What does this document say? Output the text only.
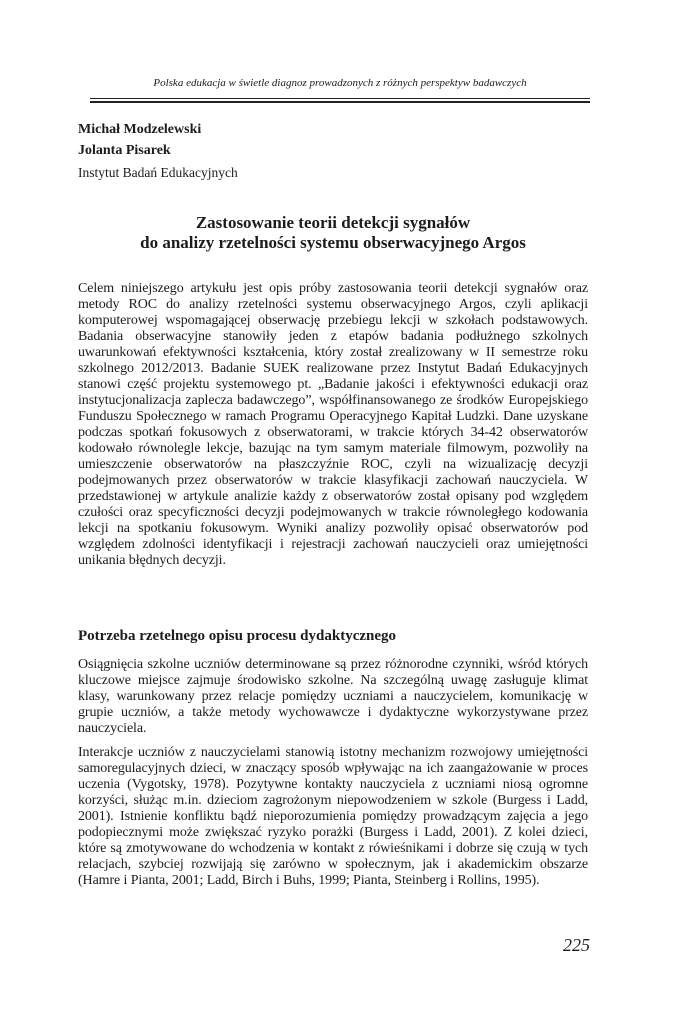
Polska edukacja w świetle diagnoz prowadzonych z różnych perspektyw badawczych
Michał Modzelewski
Jolanta Pisarek
Instytut Badań Edukacyjnych
Zastosowanie teorii detekcji sygnałów
do analizy rzetelności systemu obserwacyjnego Argos
Celem niniejszego artykułu jest opis próby zastosowania teorii detekcji sygnałów oraz metody ROC do analizy rzetelności systemu obserwacyjnego Argos, czyli aplikacji komputerowej wspomagającej obserwację przebiegu lekcji w szkołach podstawowych. Badania obserwacyjne stanowiły jeden z etapów badania podłużnego szkolnych uwarunkowań efektywności kształcenia, który został zrealizowany w II semestrze roku szkolnego 2012/2013. Badanie SUEK realizowane przez Instytut Badań Edukacyjnych stanowi część projektu systemowego pt. „Badanie jakości i efektywności edukacji oraz instytucjonalizacja zaplecza badawczego”, współfinansowanego ze środków Europejskiego Funduszu Społecznego w ramach Programu Operacyjnego Kapitał Ludzki. Dane uzyskane podczas spotkań fokusowych z obserwatorami, w trakcie których 34-42 obserwatorów kodowało równolegle lekcje, bazując na tym samym materiale filmowym, pozwoliły na umieszczenie obserwatorów na płaszczyźnie ROC, czyli na wizualizację decyzji podejmowanych przez obserwatorów w trakcie klasyfikacji zachowań nauczyciela. W przedstawionej w artykule analizie każdy z obserwatorów został opisany pod względem czułości oraz specyficzności decyzji podejmowanych w trakcie równoległego kodowania lekcji na spotkaniu fokusowym. Wyniki analizy pozwoliły opisać obserwatorów pod względem zdolności identyfikacji i rejestracji zachowań nauczycieli oraz umiejętności unikania błędnych decyzji.
Potrzeba rzetelnego opisu procesu dydaktycznego
Osiągnięcia szkolne uczniów determinowane są przez różnorodne czynniki, wśród których kluczowe miejsce zajmuje środowisko szkolne. Na szczególną uwagę zasługuje klimat klasy, warunkowany przez relacje pomiędzy uczniami a nauczycielem, komunikację w grupie uczniów, a także metody wychowawcze i dydaktyczne wykorzystywane przez nauczyciela.
Interakcje uczniów z nauczycielami stanowią istotny mechanizm rozwojowy umiejętności samoregulacyjnych dzieci, w znaczący sposób wpływając na ich zaangażowanie w proces uczenia (Vygotsky, 1978). Pozytywne kontakty nauczyciela z uczniami niosą ogromne korzyści, służąc m.in. dzieciom zagrożonym niepowodzeniem w szkole (Burgess i Ladd, 2001). Istnienie konfliktu bądź nieporozumienia pomiędzy prowadzącym zajęcia a jego podopiecznymi może zwiększać ryzyko porażki (Burgess i Ladd, 2001). Z kolei dzieci, które są zmotywowane do wchodzenia w kontakt z rówieśnikami i dobrze się czują w tych relacjach, szybciej rozwijają się zarówno w społecznym, jak i akademickim obszarze (Hamre i Pianta, 2001; Ladd, Birch i Buhs, 1999; Pianta, Steinberg i Rollins, 1995).
225
